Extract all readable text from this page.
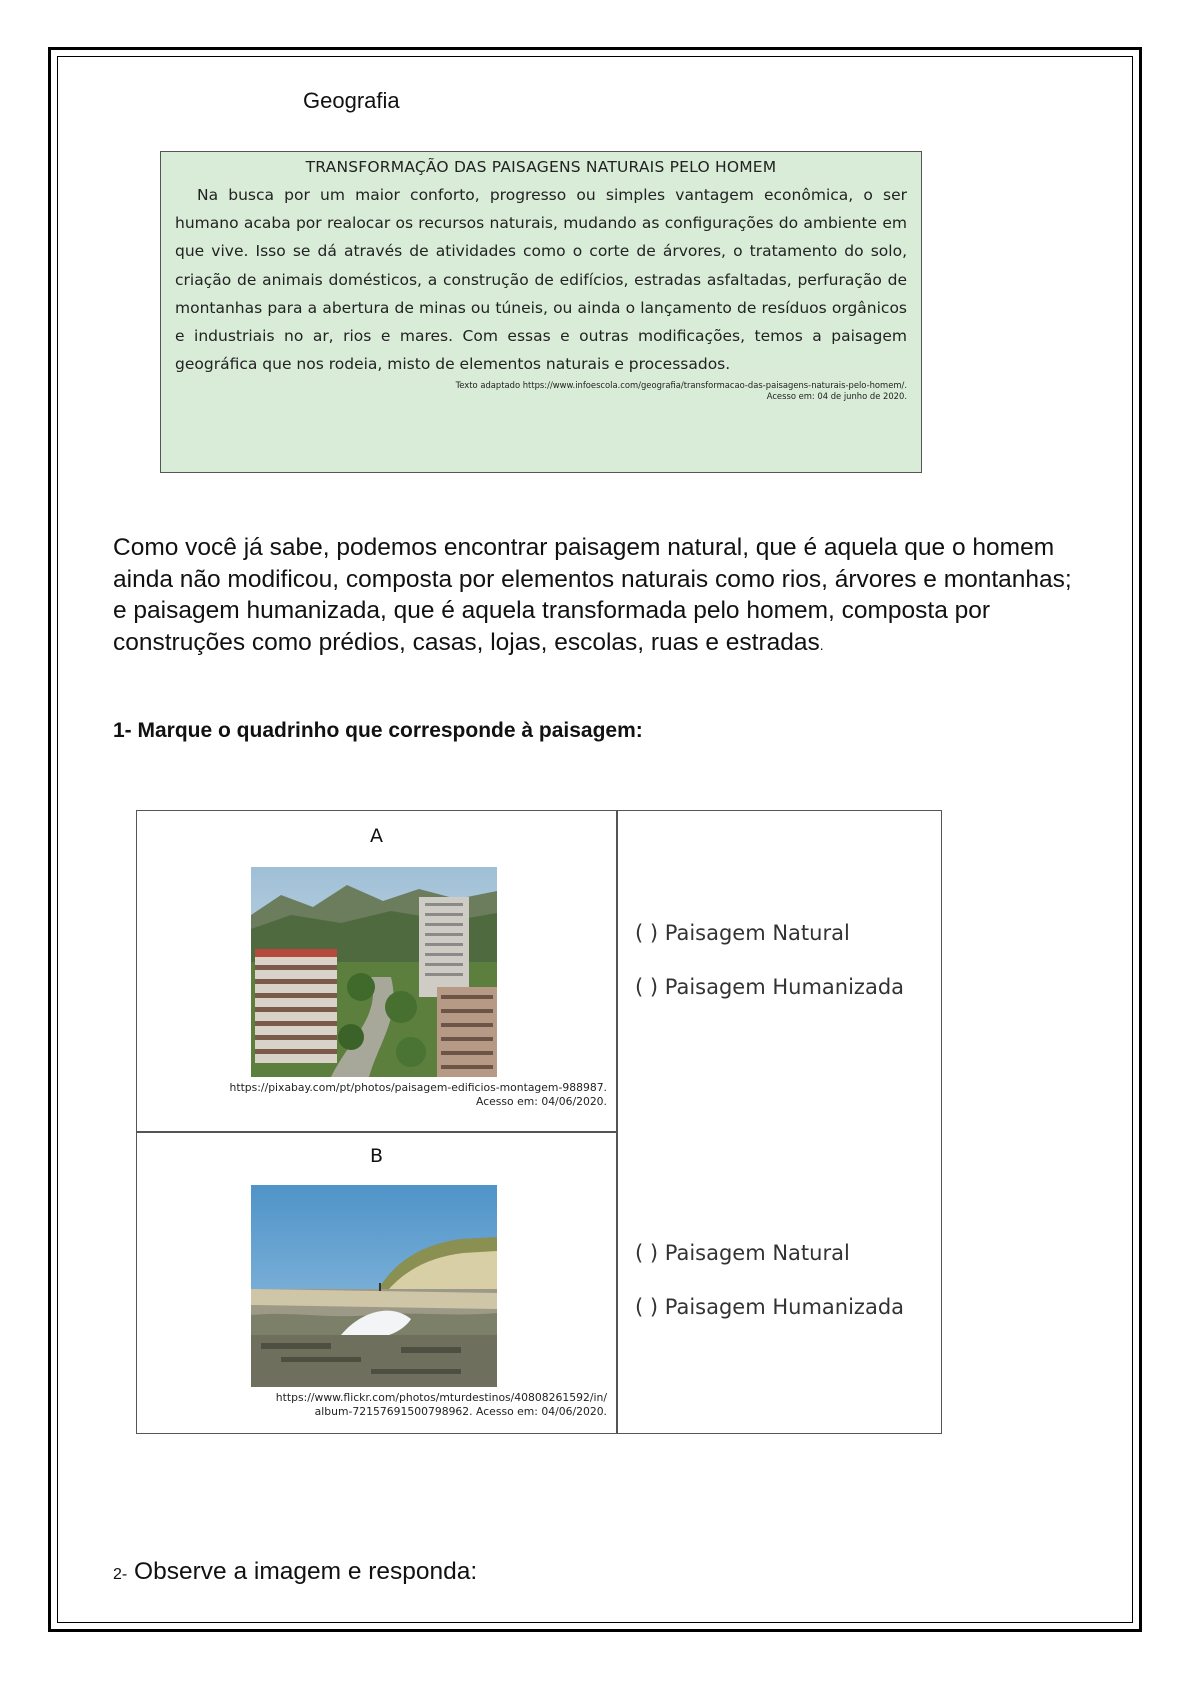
Geografia
TRANSFORMAÇÃO DAS PAISAGENS NATURAIS PELO HOMEM
Na busca por um maior conforto, progresso ou simples vantagem econômica, o ser humano acaba por realocar os recursos naturais, mudando as configurações do ambiente em que vive. Isso se dá através de atividades como o corte de árvores, o tratamento do solo, criação de animais domésticos, a construção de edifícios, estradas asfaltadas, perfuração de montanhas para a abertura de minas ou túneis, ou ainda o lançamento de resíduos orgânicos e industriais no ar, rios e mares. Com essas e outras modificações, temos a paisagem geográfica que nos rodeia, misto de elementos naturais e processados.
Texto adaptado https://www.infoescola.com/geografia/transformacao-das-paisagens-naturais-pelo-homem/.
Acesso em: 04 de junho de 2020.
Como você já sabe, podemos encontrar paisagem natural, que é aquela que o homem ainda não modificou, composta por elementos naturais como rios, árvores e montanhas; e paisagem humanizada, que é aquela transformada pelo homem, composta por construções como prédios, casas, lojas, escolas, ruas e estradas.
1- Marque o quadrinho que corresponde à paisagem:
A
https://pixabay.com/pt/photos/paisagem-edificios-montagem-988987.
Acesso em: 04/06/2020.
( ) Paisagem Natural
( ) Paisagem Humanizada
B
https://www.flickr.com/photos/mturdestinos/40808261592/in/
album-72157691500798962. Acesso em: 04/06/2020.
( ) Paisagem Natural
( ) Paisagem Humanizada
2- Observe a imagem e responda:
